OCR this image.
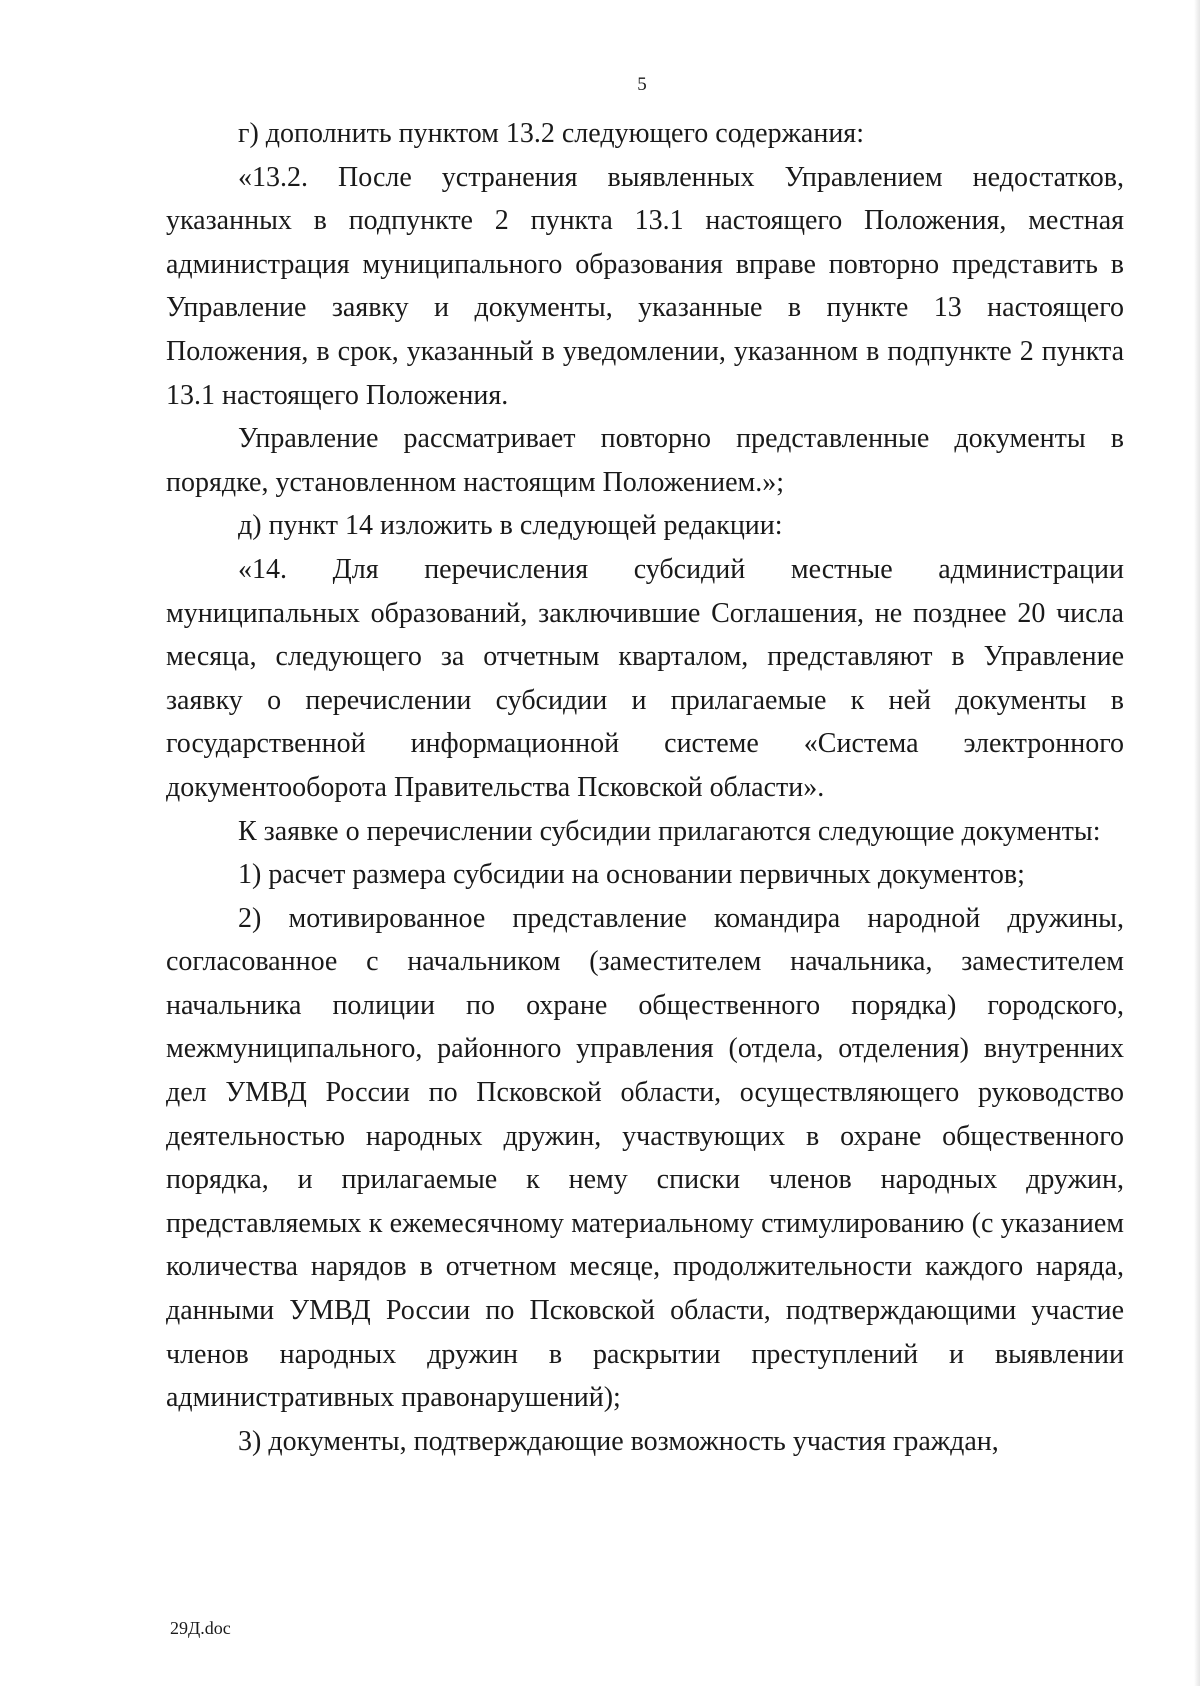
5

г) дополнить пунктом 13.2 следующего содержания:

«13.2. После устранения выявленных Управлением недостатков, указанных в подпункте 2 пункта 13.1 настоящего Положения, местная администрация муниципального образования вправе повторно представить в Управление заявку и документы, указанные в пункте 13 настоящего Положения, в срок, указанный в уведомлении, указанном в подпункте 2 пункта 13.1 настоящего Положения.

Управление рассматривает повторно представленные документы в порядке, установленном настоящим Положением.»;

д) пункт 14 изложить в следующей редакции:

«14. Для перечисления субсидий местные администрации муниципальных образований, заключившие Соглашения, не позднее 20 числа месяца, следующего за отчетным кварталом, представляют в Управление заявку о перечислении субсидии и прилагаемые к ней документы в государственной информационной системе «Система электронного документооборота Правительства Псковской области».

К заявке о перечислении субсидии прилагаются следующие документы:

1) расчет размера субсидии на основании первичных документов;

2) мотивированное представление командира народной дружины, согласованное с начальником (заместителем начальника, заместителем начальника полиции по охране общественного порядка) городского, межмуниципального, районного управления (отдела, отделения) внутренних дел УМВД России по Псковской области, осуществляющего руководство деятельностью народных дружин, участвующих в охране общественного порядка, и прилагаемые к нему списки членов народных дружин, представляемых к ежемесячному материальному стимулированию (с указанием количества нарядов в отчетном месяце, продолжительности каждого наряда, данными УМВД России по Псковской области, подтверждающими участие членов народных дружин в раскрытии преступлений и выявлении административных правонарушений);

3) документы, подтверждающие возможность участия граждан,

29Д.doc
